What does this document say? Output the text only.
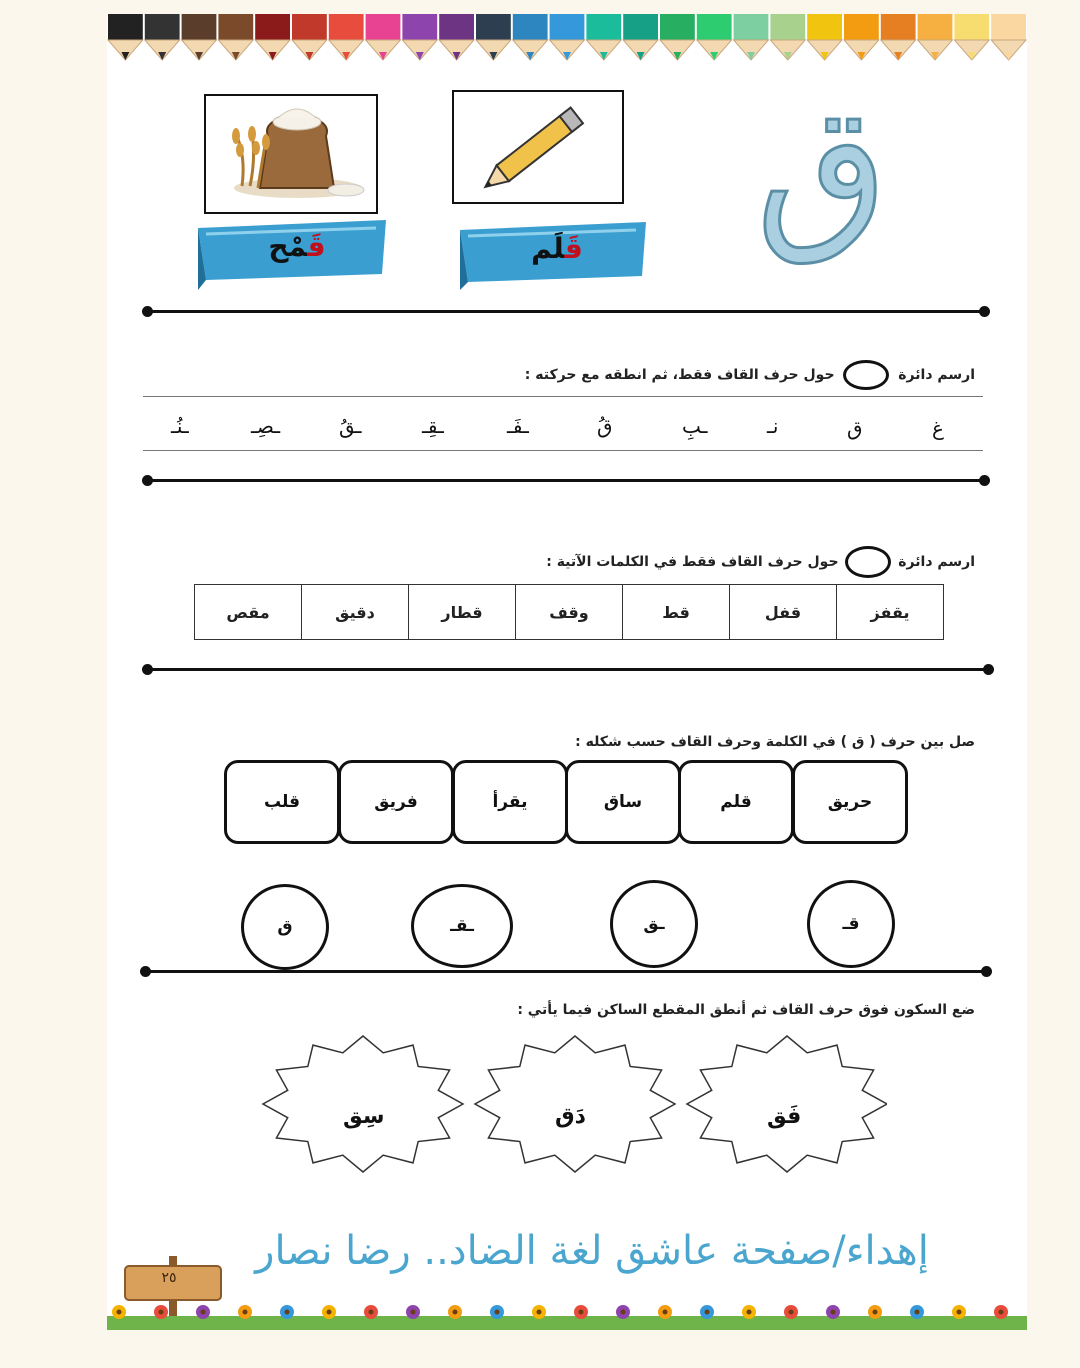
ق
قَلَم
قَمْح
ارسم دائرة  حول حرف القاف فقط، ثم انطقه مع حركته :
غ
ق
نـ
ـبِ
قُ
ـفَـ
ـقِـ
ـقُ
ـصِـ
ـنُـ
ارسم دائرة  حول حرف القاف فقط في الكلمات الآتية :
يقفز	قفل	قط	وقف	قطار	دقيق	مقص
صل بين حرف ( ق ) في الكلمة وحرف القاف حسب شكله :
حريق
قلم
ساق
يقرأ
فريق
قلب
قـ
ـق
ـقـ
ق
ضع السكون فوق حرف القاف ثم أنطق المقطع الساكن فيما يأتي :
فَق
دَق
سِق
إهداء/صفحة عاشق لغة الضاد.. رضا نصار
٢٥
